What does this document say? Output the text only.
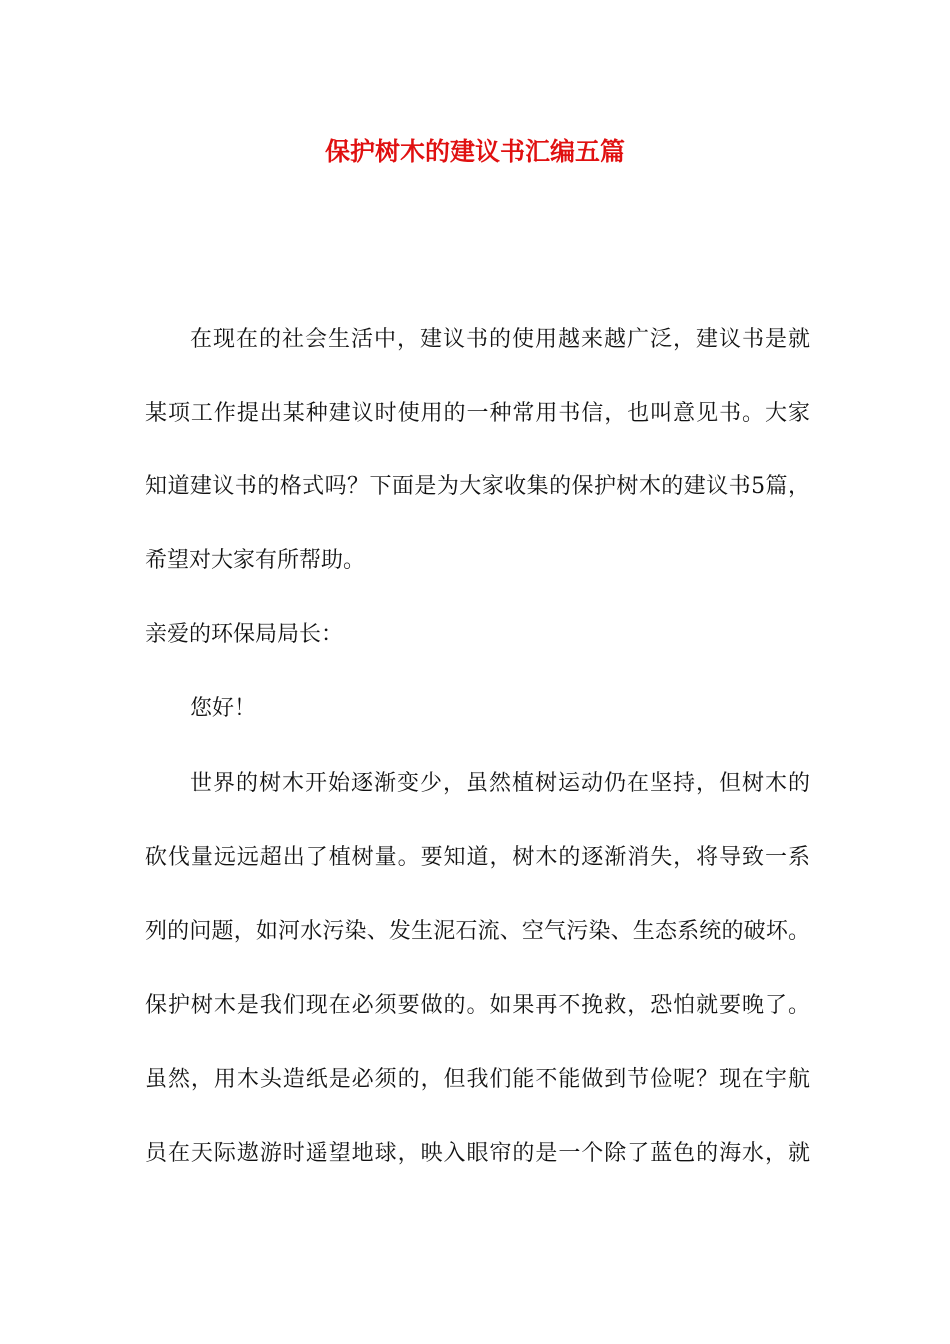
保护树木的建议书汇编五篇

在现在的社会生活中，建议书的使用越来越广泛，建议书是就

某项工作提出某种建议时使用的一种常用书信，也叫意见书。大家

知道建议书的格式吗？下面是为大家收集的保护树木的建议书5篇，

希望对大家有所帮助。

亲爱的环保局局长：

您好！

世界的树木开始逐渐变少，虽然植树运动仍在坚持，但树木的

砍伐量远远超出了植树量。要知道，树木的逐渐消失，将导致一系

列的问题，如河水污染、发生泥石流、空气污染、生态系统的破坏。

保护树木是我们现在必须要做的。如果再不挽救，恐怕就要晚了。

虽然，用木头造纸是必须的，但我们能不能做到节俭呢？现在宇航

员在天际遨游时遥望地球，映入眼帘的是一个除了蓝色的海水，就
